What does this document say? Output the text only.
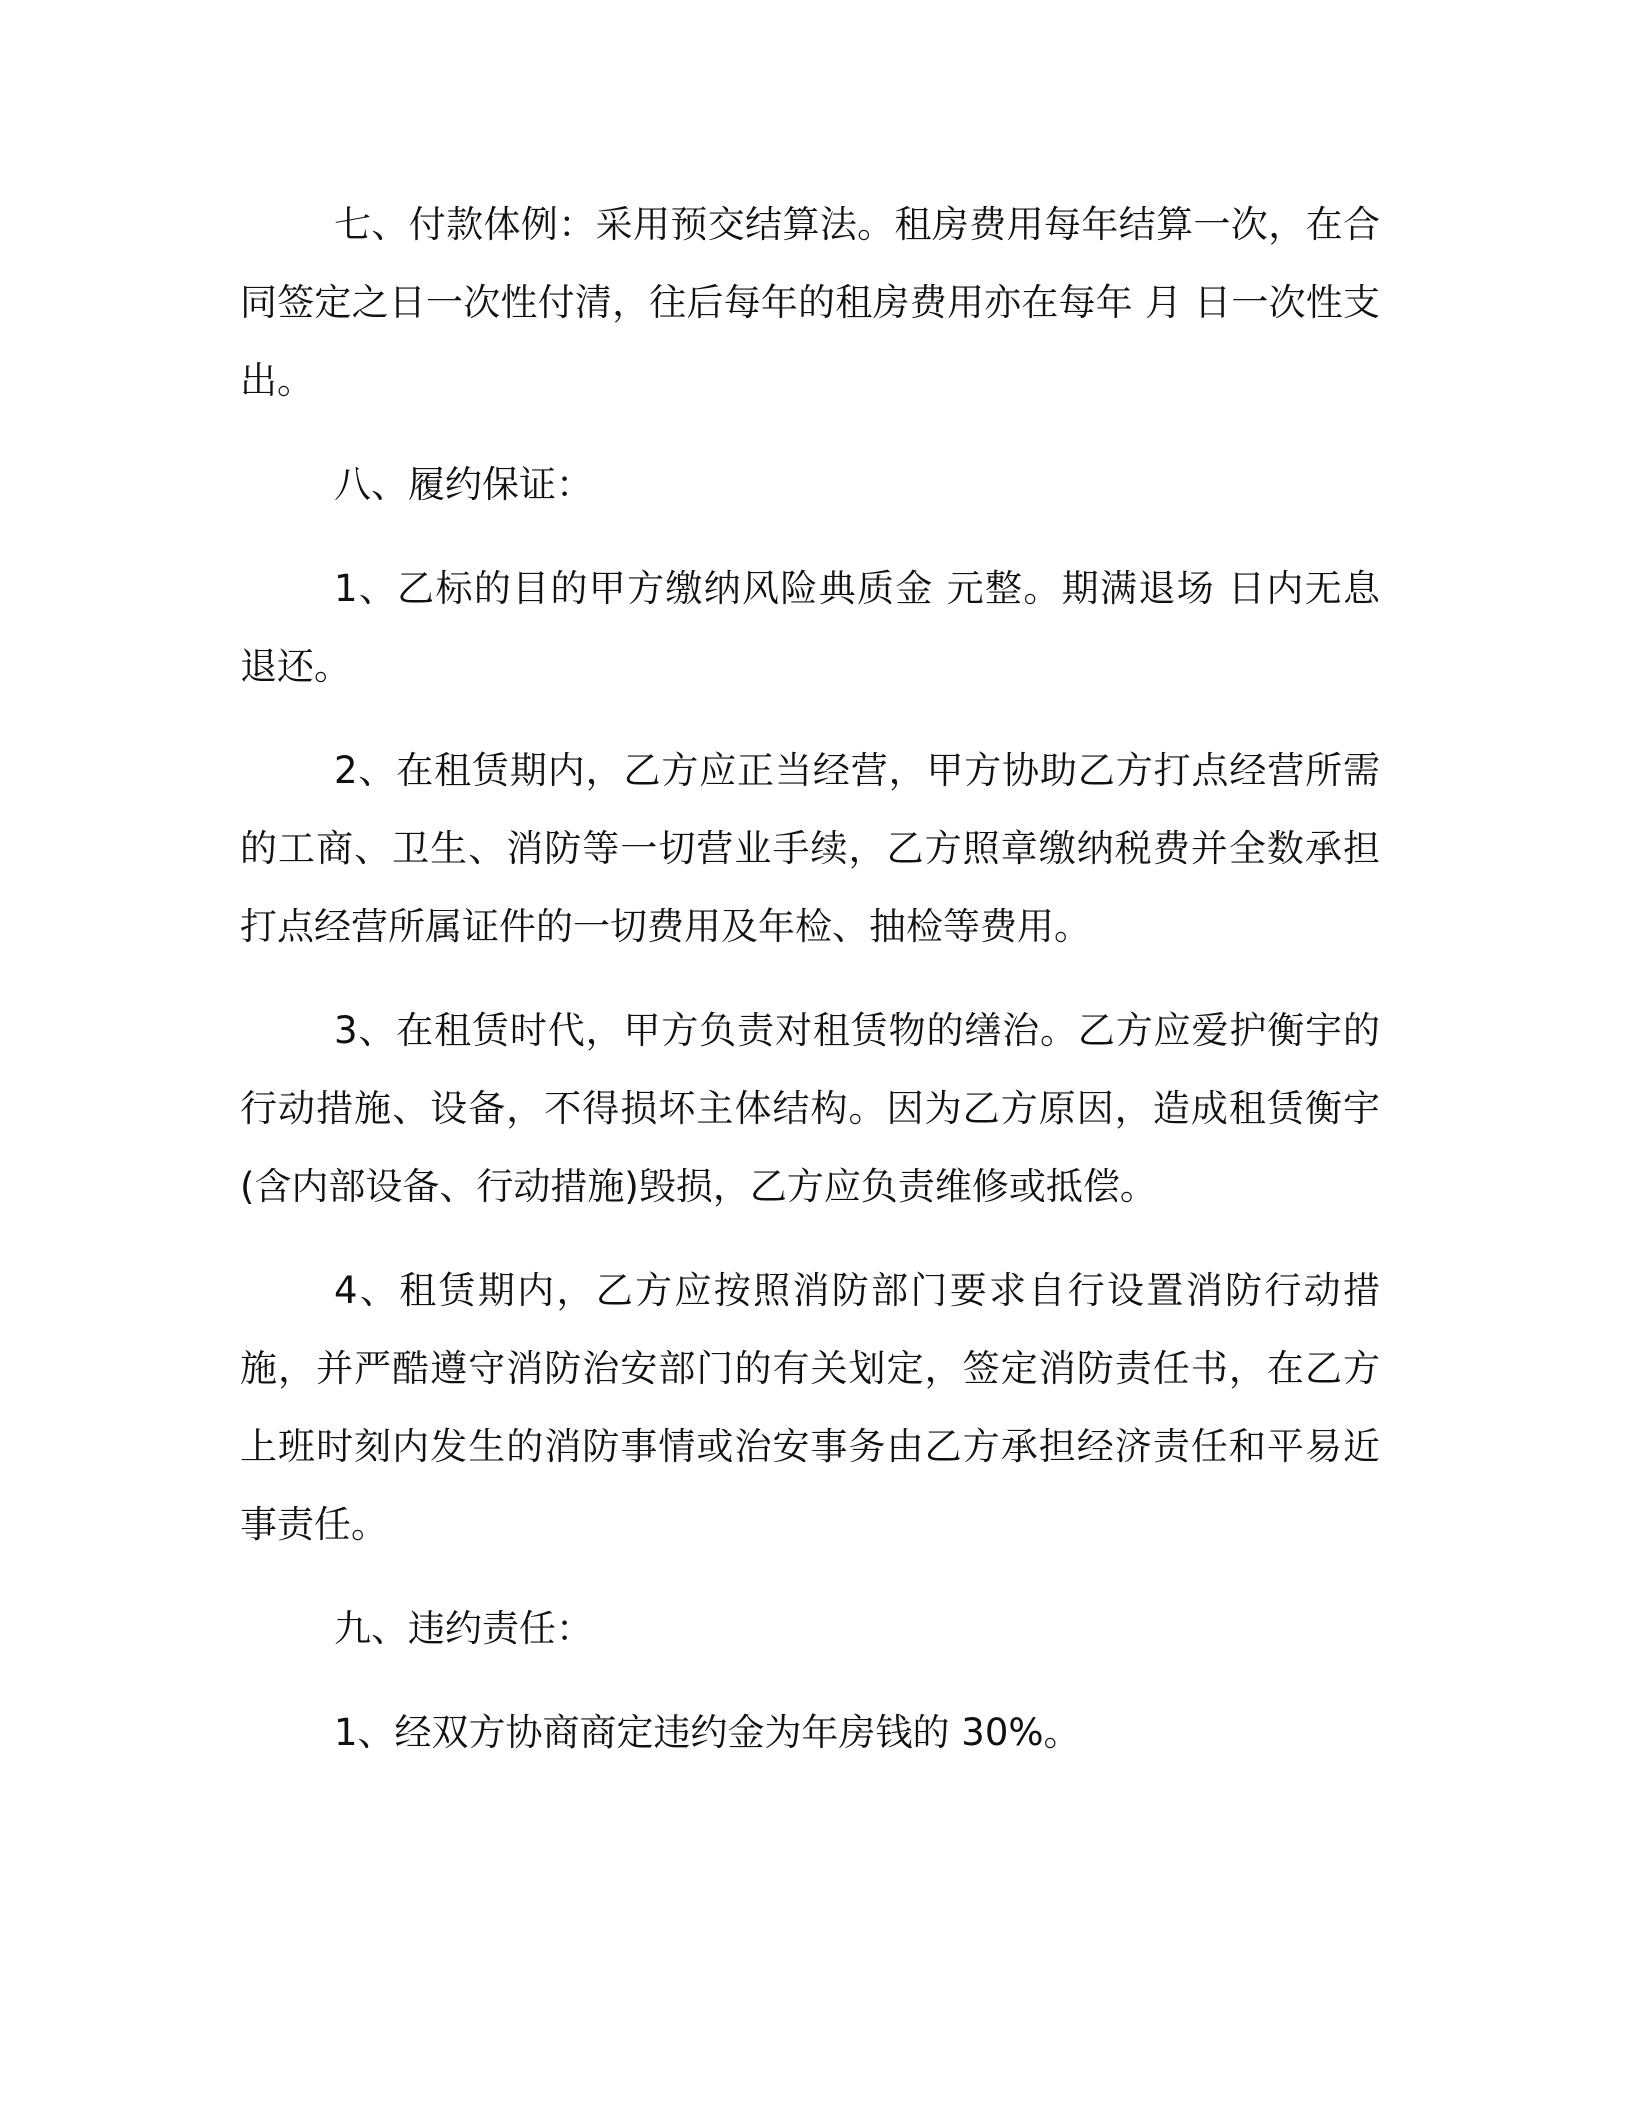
七、付款体例：采用预交结算法。租房费用每年结算一次，在合同签定之日一次性付清，往后每年的租房费用亦在每年 月 日一次性支出。

八、履约保证：

1、乙标的目的甲方缴纳风险典质金 元整。期满退场 日内无息退还。

2、在租赁期内，乙方应正当经营，甲方协助乙方打点经营所需的工商、卫生、消防等一切营业手续，乙方照章缴纳税费并全数承担打点经营所属证件的一切费用及年检、抽检等费用。

3、在租赁时代，甲方负责对租赁物的缮治。乙方应爱护衡宇的行动措施、设备，不得损坏主体结构。因为乙方原因，造成租赁衡宇(含内部设备、行动措施)毁损，乙方应负责维修或抵偿。

4、租赁期内，乙方应按照消防部门要求自行设置消防行动措施，并严酷遵守消防治安部门的有关划定，签定消防责任书，在乙方上班时刻内发生的消防事情或治安事务由乙方承担经济责任和平易近事责任。

九、违约责任：

1、经双方协商商定违约金为年房钱的 30%。
